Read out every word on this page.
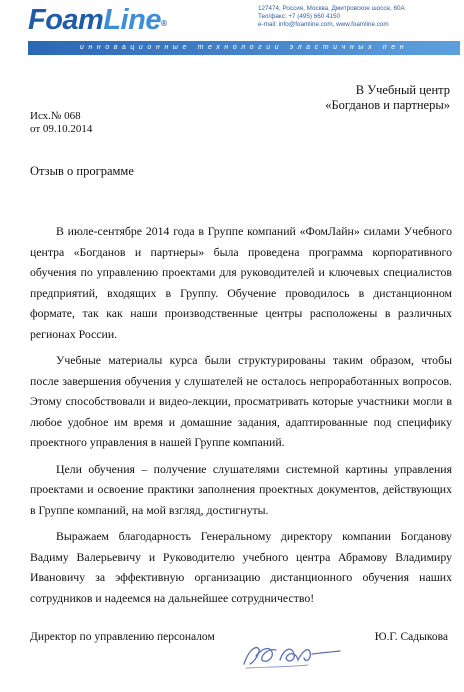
FoamLine®
127474, Россия, Москва, Дмитровское шоссе, 60А
Тел/факс: +7 (495) 660 4150
e-mail: info@foamline.com, www.foamline.com
инновационные технологии эластичных пен
В Учебный центр
«Богданов и партнеры»
Исх.№ 068
от 09.10.2014
Отзыв о программе

В июле-сентябре 2014 года в Группе компаний «ФомЛайн» силами Учебного центра «Богданов и партнеры» была проведена программа корпоративного обучения по управлению проектами для руководителей и ключевых специалистов предприятий, входящих в Группу. Обучение проводилось в дистанционном формате, так как наши производственные центры расположены в различных регионах России.

Учебные материалы курса были структурированы таким образом, чтобы после завершения обучения у слушателей не осталось непроработанных вопросов. Этому способствовали и видео-лекции, просматривать которые участники могли в любое удобное им время и домашние задания, адаптированные под специфику проектного управления в нашей Группе компаний.

Цели обучения – получение слушателями системной картины управления проектами и освоение практики заполнения проектных документов, действующих в Группе компаний, на мой взгляд, достигнуты.

Выражаем благодарность Генеральному директору компании Богданову Вадиму Валерьевичу и Руководителю учебного центра Абрамову Владимиру Ивановичу за эффективную организацию дистанционного обучения наших сотрудников и надеемся на дальнейшее сотрудничество!

Директор по управлению персоналом	Ю.Г. Садыкова
